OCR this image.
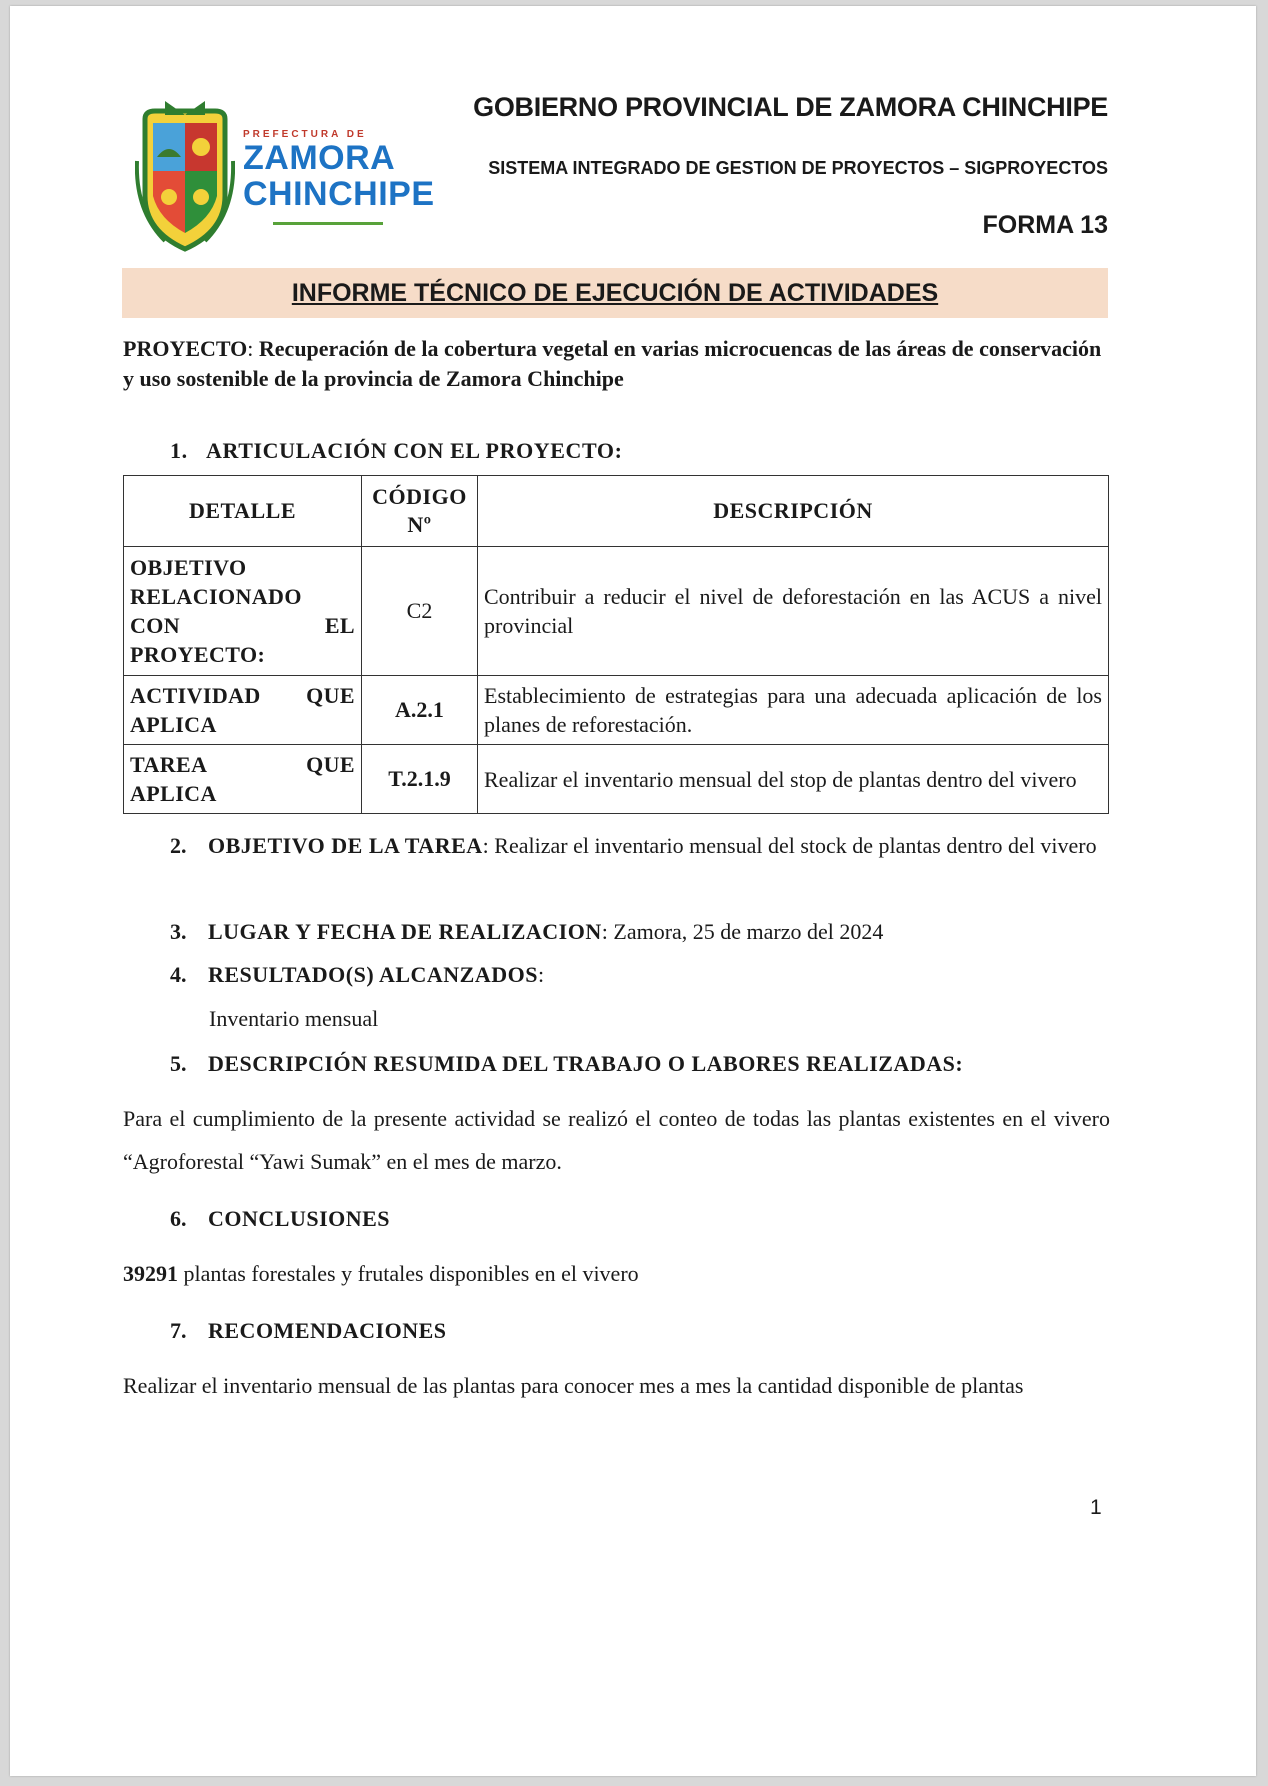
PREFECTURA DE
ZAMORA
CHINCHIPE
GOBIERNO PROVINCIAL DE ZAMORA CHINCHIPE
SISTEMA INTEGRADO DE GESTION DE PROYECTOS – SIGPROYECTOS
FORMA 13
INFORME TÉCNICO DE EJECUCIÓN DE ACTIVIDADES
PROYECTO: Recuperación de la cobertura vegetal en varias microcuencas de las áreas de conservación y uso sostenible de la provincia de Zamora Chinchipe
1. ARTICULACIÓN CON EL PROYECTO:
DETALLE	CÓDIGO Nº	DESCRIPCIÓN
OBJETIVO RELACIONADO CON EL
PROYECTO:	C2	Contribuir a reducir el nivel de deforestación en las ACUS a nivel provincial
ACTIVIDAD QUE
APLICA	A.2.1	Establecimiento de estrategias para una adecuada aplicación de los planes de reforestación.
TAREA QUE
APLICA	T.2.1.9	Realizar el inventario mensual del stop de plantas dentro del vivero
2. OBJETIVO DE LA TAREA: Realizar el inventario mensual del stock de plantas dentro del vivero
3. LUGAR Y FECHA DE REALIZACION: Zamora, 25 de marzo del 2024
4. RESULTADO(S) ALCANZADOS:
Inventario mensual
5. DESCRIPCIÓN RESUMIDA DEL TRABAJO O LABORES REALIZADAS:
Para el cumplimiento de la presente actividad se realizó el conteo de todas las plantas existentes en el vivero “Agroforestal “Yawi Sumak” en el mes de marzo.
6. CONCLUSIONES
39291 plantas forestales y frutales disponibles en el vivero
7. RECOMENDACIONES
Realizar el inventario mensual de las plantas para conocer mes a mes la cantidad disponible de plantas
1
